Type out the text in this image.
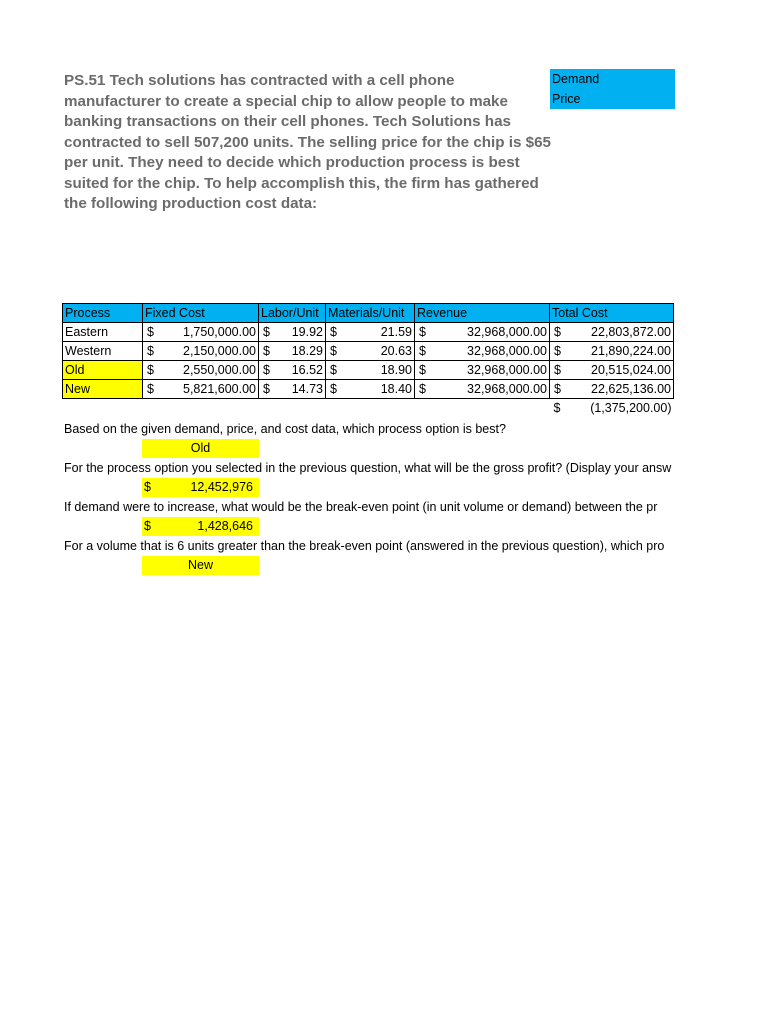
PS.51 Tech solutions has contracted with a cell phone manufacturer to create a special chip to allow people to make banking transactions on their cell phones. Tech Solutions has contracted to sell 507,200 units. The selling price for the chip is $65 per unit. They need to decide which production process is best suited for the chip. To help accomplish this, the firm has gathered the following production cost data:
Demand
Price
Process	Fixed Cost	Labor/Unit	Materials/Unit	Revenue	Total Cost
Eastern	$ 1,750,000.00	$ 19.92	$ 21.59	$ 32,968,000.00	$ 22,803,872.00

Western	$ 2,150,000.00	$ 18.29	$ 20.63	$ 32,968,000.00	$ 21,890,224.00

Old	$ 2,550,000.00	$ 16.52	$ 18.90	$ 32,968,000.00	$ 20,515,024.00

New	$ 5,821,600.00	$ 14.73	$ 18.40	$ 32,968,000.00	$ 22,625,136.00

					$ (1,375,200.00)
Based on the given demand, price, and cost data, which process option is best?
Old
For the process option you selected in the previous question, what will be the gross profit? (Display your answ
$	12,452,976
If demand were to increase, what would be the break-even point (in unit volume or demand) between the pr
$	1,428,646
For a volume that is 6 units greater than the break-even point (answered in the previous question), which pro
New
